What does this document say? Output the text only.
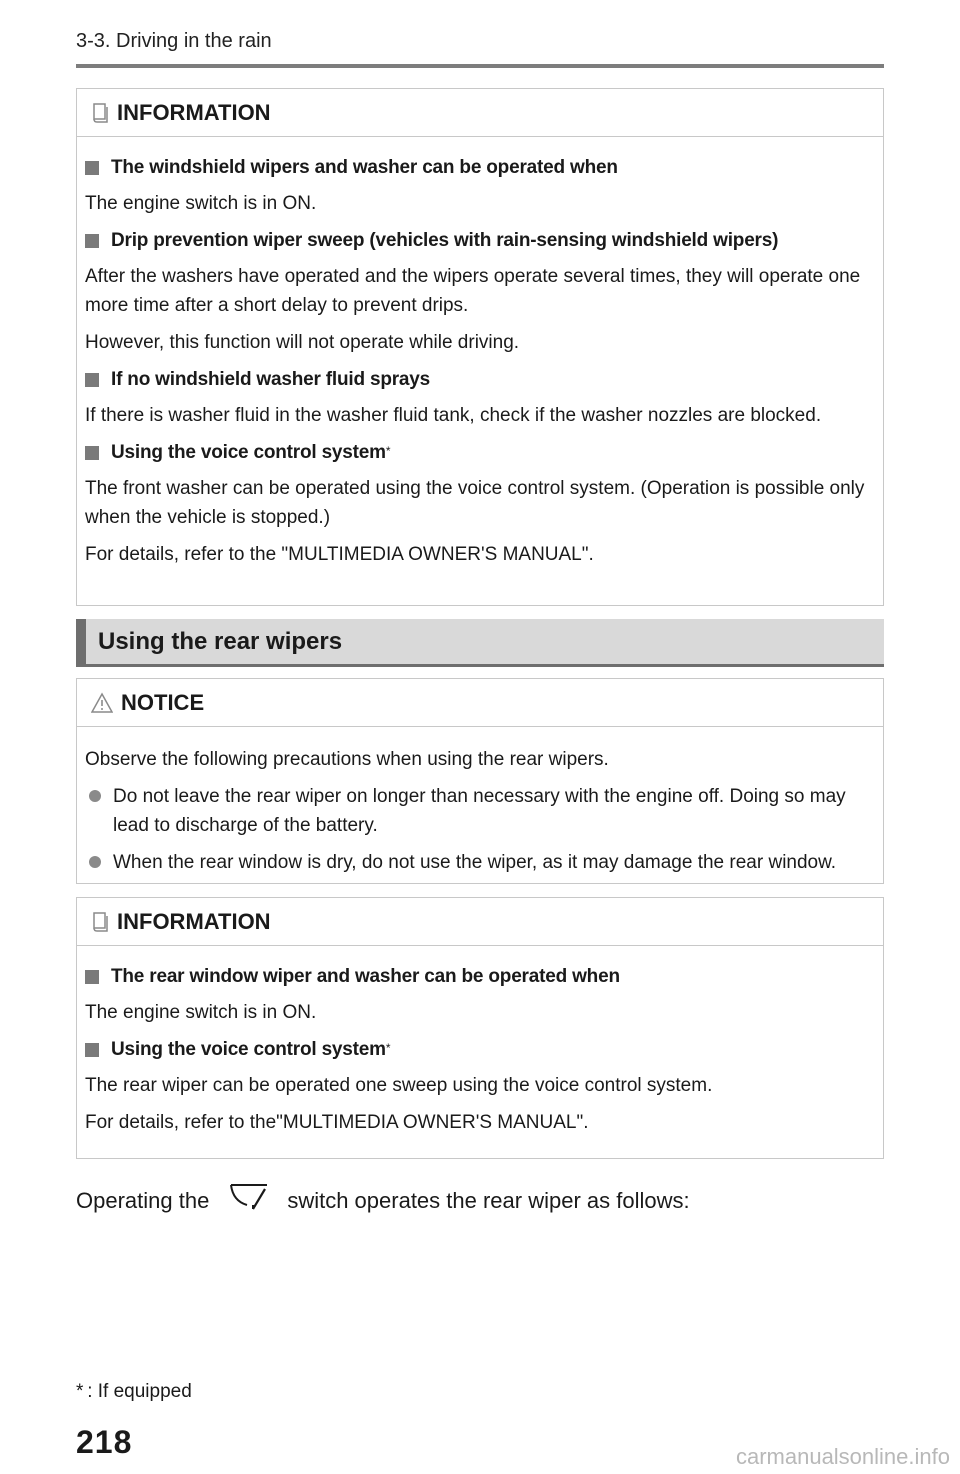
3-3. Driving in the rain
INFORMATION
The windshield wipers and washer can be operated when
The engine switch is in ON.
Drip prevention wiper sweep (vehicles with rain-sensing windshield wipers)
After the washers have operated and the wipers operate several times, they will operate one more time after a short delay to prevent drips.
However, this function will not operate while driving.
If no windshield washer fluid sprays
If there is washer fluid in the washer fluid tank, check if the washer nozzles are blocked.
Using the voice control system*
The front washer can be operated using the voice control system. (Operation is possible only when the vehicle is stopped.)
For details, refer to the "MULTIMEDIA OWNER'S MANUAL".
Using the rear wipers
NOTICE
Observe the following precautions when using the rear wipers.
Do not leave the rear wiper on longer than necessary with the engine off. Doing so may lead to discharge of the battery.
When the rear window is dry, do not use the wiper, as it may damage the rear window.
INFORMATION
The rear window wiper and washer can be operated when
The engine switch is in ON.
Using the voice control system*
The rear wiper can be operated one sweep using the voice control system.
For details, refer to the"MULTIMEDIA OWNER'S MANUAL".
Operating the	switch operates the rear wiper as follows:
* : If equipped
218	carmanualsonline.info
